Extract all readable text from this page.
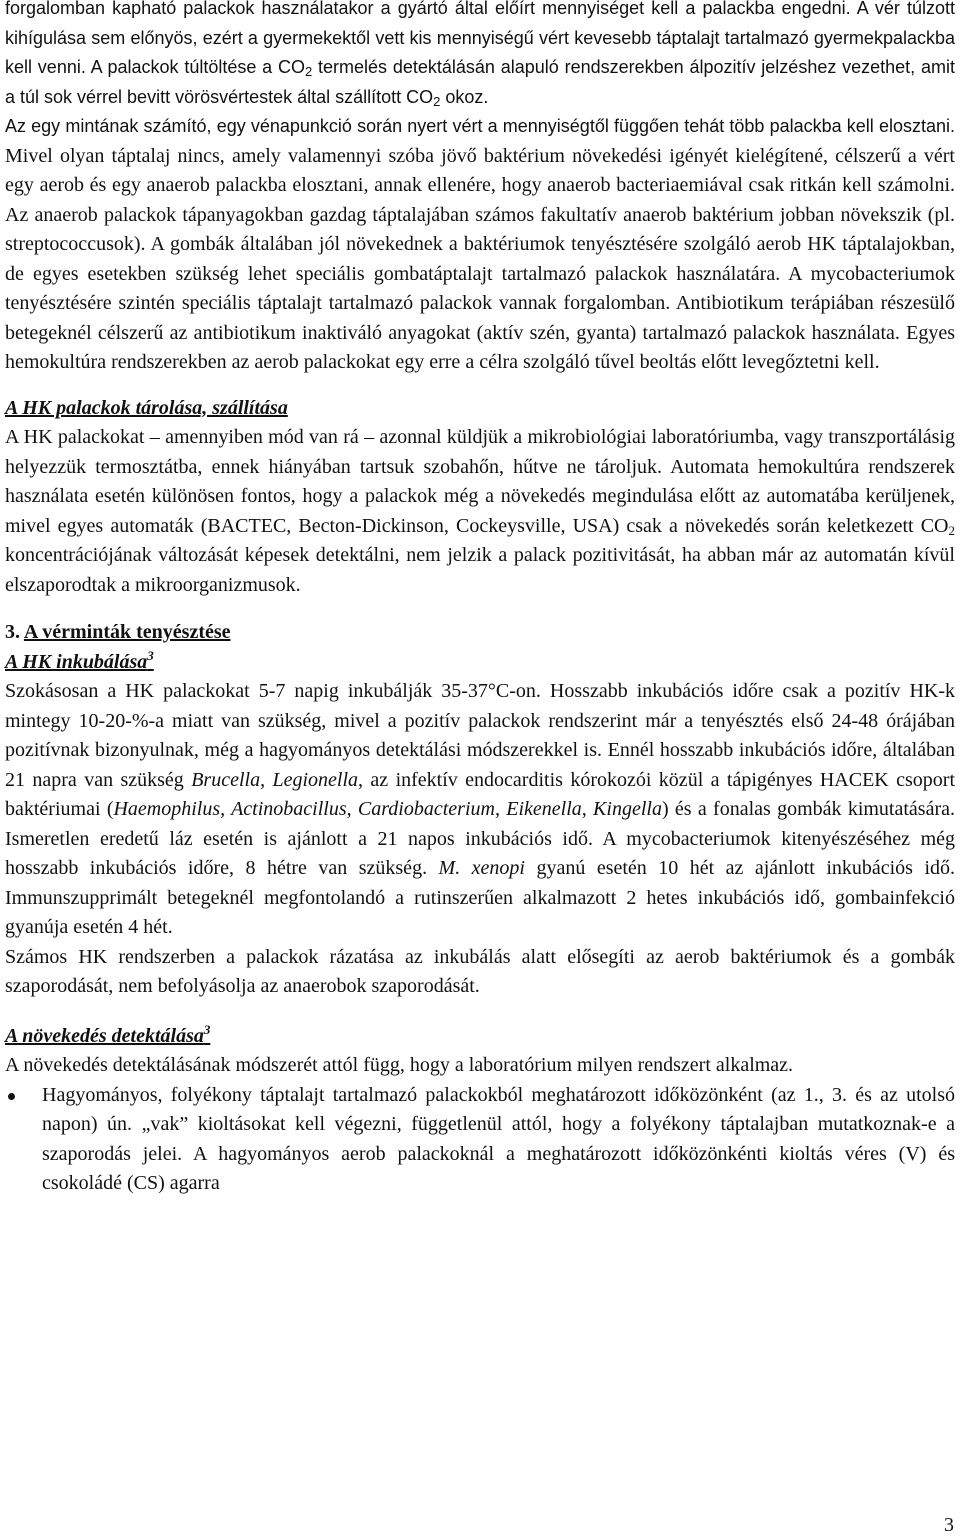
forgalomban kapható palackok használatakor a gyártó által előírt mennyiséget kell a palackba engedni. A vér túlzott kihígulása sem előnyös, ezért a gyermekektől vett kis mennyiségű vért kevesebb táptalajt tartalmazó gyermekpalackba kell venni. A palackok túltöltése a $CO_2$ termelés detektálásán alapuló rendszerekben álpozitív jelzéshez vezethet, amit a túl sok vérrel bevitt vörösvértestek által szállított $CO_2$ okoz.

Az egy mintának számító, egy vénapunkció során nyert vért a mennyiségtől függően tehát több palackba kell elosztani. Mivel olyan táptalaj nincs, amely valamennyi szóba jövő baktérium növekedési igényét kielégítené, célszerű a vért egy aerob és egy anaerob palackba elosztani, annak ellenére, hogy anaerob bacteriaemiával csak ritkán kell számolni. Az anaerob palackok tápanyagokban gazdag táptalajában számos fakultatív anaerob baktérium jobban növekszik (pl. streptococcusok). A gombák általában jól növekednek a baktériumok tenyésztésére szolgáló aerob HK táptalajokban, de egyes esetekben szükség lehet speciális gombatáptalajt tartalmazó palackok használatára. A mycobacteriumok tenyésztésére szintén speciális táptalajt tartalmazó palackok vannak forgalomban. Antibiotikum terápiában részesülő betegeknél célszerű az antibiotikum inaktiváló anyagokat (aktív szén, gyanta) tartalmazó palackok használata. Egyes hemokultúra rendszerekben az aerob palackokat egy erre a célra szolgáló tűvel beoltás előtt levegőztetni kell.

A HK palackok tárolása, szállítása

A HK palackokat – amennyiben mód van rá – azonnal küldjük a mikrobiológiai laboratóriumba, vagy transzportálásig helyezzük termosztátba, ennek hiányában tartsuk szobahőn, hűtve ne tároljuk. Automata hemokultúra rendszerek használata esetén különösen fontos, hogy a palackok még a növekedés megindulása előtt az automatába kerüljenek, mivel egyes automaták (BACTEC, Becton-Dickinson, Cockeysville, USA) csak a növekedés során keletkezett $CO_2$ koncentrációjának változását képesek detektálni, nem jelzik a palack pozitivitását, ha abban már az automatán kívül elszaporodtak a mikroorganizmusok.

3. A vérminták tenyésztése
A HK inkubálása$^3$

Szokásosan a HK palackokat 5-7 napig inkubálják 35-37°C-on. Hosszabb inkubációs időre csak a pozitív HK-k mintegy 10-20-%-a miatt van szükség, mivel a pozitív palackok rendszerint már a tenyésztés első 24-48 órájában pozitívnak bizonyulnak, még a hagyományos detektálási módszerekkel is. Ennél hosszabb inkubációs időre, általában 21 napra van szükség Brucella, Legionella, az infektív endocarditis kórokozói közül a tápigényes HACEK csoport baktériumai (Haemophilus, Actinobacillus, Cardiobacterium, Eikenella, Kingella) és a fonalas gombák kimutatására. Ismeretlen eredetű láz esetén is ajánlott a 21 napos inkubációs idő. A mycobacteriumok kitenyészéséhez még hosszabb inkubációs időre, 8 hétre van szükség. M. xenopi gyanú esetén 10 hét az ajánlott inkubációs idő. Immunszupprimált betegeknél megfontolandó a rutinszerűen alkalmazott 2 hetes inkubációs idő, gombainfekció gyanúja esetén 4 hét.

Számos HK rendszerben a palackok rázatása az inkubálás alatt elősegíti az aerob baktériumok és a gombák szaporodását, nem befolyásolja az anaerobok szaporodását.

A növekedés detektálása$^3$

A növekedés detektálásának módszerét attól függ, hogy a laboratórium milyen rendszert alkalmaz.

Hagyományos, folyékony táptalajt tartalmazó palackokból meghatározott időközönként (az 1., 3. és az utolsó napon) ún. „vak” kioltásokat kell végezni, függetlenül attól, hogy a folyékony táptalajban mutatkoznak-e a szaporodás jelei. A hagyományos aerob palackoknál a meghatározott időközönkénti kioltás véres (V) és csokoládé (CS) agarra
3
